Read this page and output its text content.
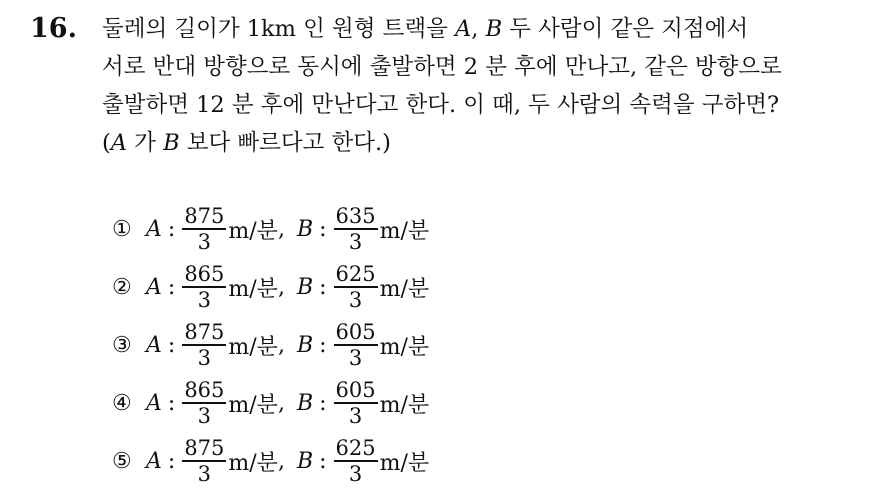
16. 둘레의 길이가 1km 인 원형 트랙을 A, B 두 사람이 같은 지점에서
서로 반대 방향으로 동시에 출발하면 2 분 후에 만나고, 같은 방향으로
출발하면 12 분 후에 만난다고 한다. 이 때, 두 사람의 속력을 구하면?
(A 가 B 보다 빠르다고 한다.)
① A : $\frac{875}{3} m/$분 , B : $\frac{635}{3} m/$분
② A : $\frac{865}{3} m/$분 , B : $\frac{625}{3} m/$분
③ A : $\frac{875}{3} m/$분 , B : $\frac{605}{3} m/$분
④ A : $\frac{865}{3} m/$분 , B : $\frac{605}{3} m/$분
⑤ A : $\frac{875}{3} m/$분 , B : $\frac{625}{3} m/$분
